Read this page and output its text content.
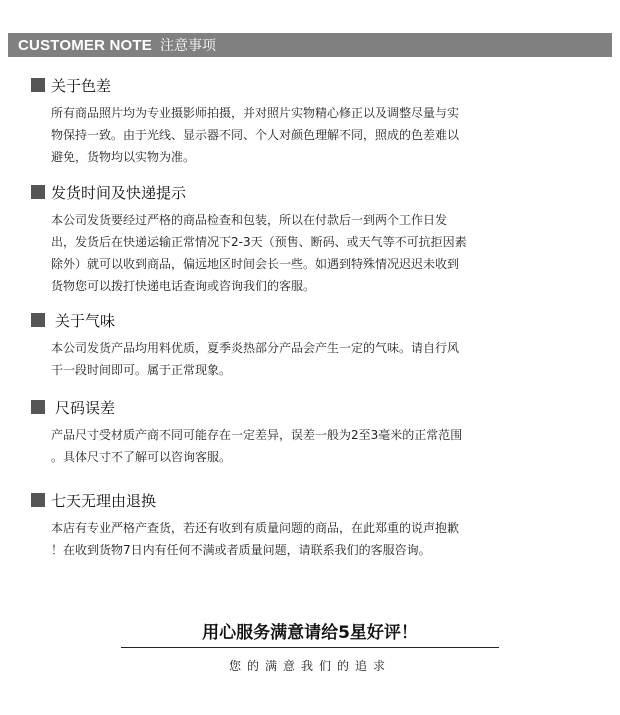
CUSTOMER NOTE 注意事项
关于色差
所有商品照片均为专业摄影师拍摄，并对照片实物精心修正以及调整尽量与实
物保持一致。由于光线、显示器不同、个人对颜色理解不同，照成的色差难以
避免，货物均以实物为准。
发货时间及快递提示
本公司发货要经过严格的商品检查和包装，所以在付款后一到两个工作日发
出，发货后在快递运输正常情况下2-3天（预售、断码、或天气等不可抗拒因素
除外）就可以收到商品，偏远地区时间会长一些。如遇到特殊情况迟迟未收到
货物您可以拨打快递电话查询或咨询我们的客服。
关于气味
本公司发货产品均用料优质，夏季炎热部分产品会产生一定的气味。请自行风
干一段时间即可。属于正常现象。
尺码误差
产品尺寸受材质产商不同可能存在一定差异，误差一般为2至3毫米的正常范围
。具体尺寸不了解可以咨询客服。
七天无理由退换
本店有专业严格产查货，若还有收到有质量问题的商品，在此郑重的说声抱歉
！在收到货物7日内有任何不满或者质量问题，请联系我们的客服咨询。
用心服务满意请给5星好评！
您的满意我们的追求
